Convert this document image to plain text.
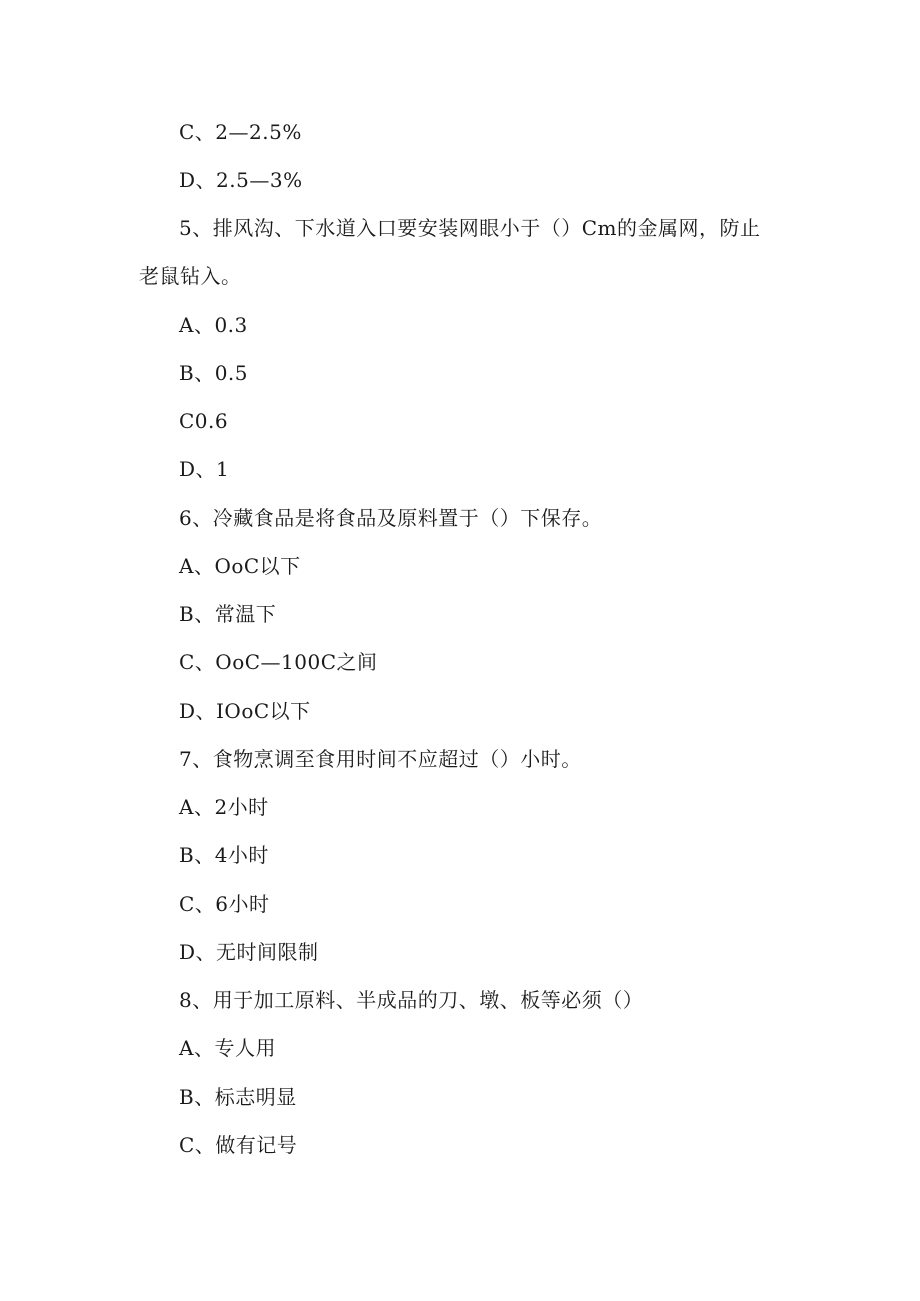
C、2—2.5%
D、2.5—3%
5、排风沟、下水道入口要安装网眼小于（）Cm的金属网，防止
老鼠钻入。
A、0.3
B、0.5
C0.6
D、1
6、冷藏食品是将食品及原料置于（）下保存。
A、OoC以下
B、常温下
C、OoC—100C之间
D、IOoC以下
7、食物烹调至食用时间不应超过（）小时。
A、2小时
B、4小时
C、6小时
D、无时间限制
8、用于加工原料、半成品的刀、墩、板等必须（）
A、专人用
B、标志明显
C、做有记号
